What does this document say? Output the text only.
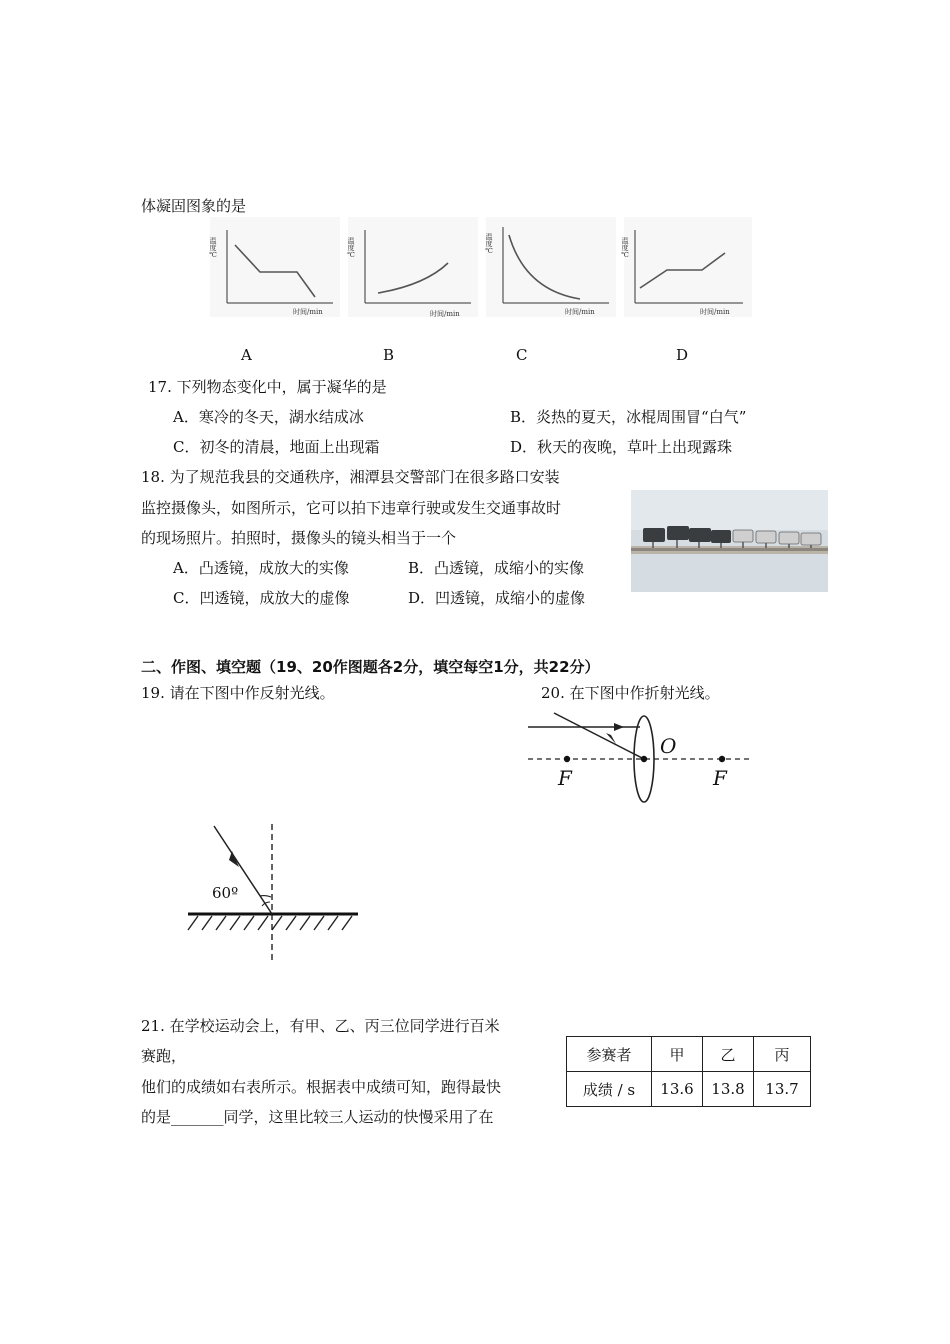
体凝固图象的是
温度℃
时间/min
温度℃
时间/min
温度℃
时间/min
温度℃
时间/min
A	B	C	D
17. 下列物态变化中，属于凝华的是
A．寒冷的冬天，湖水结成冰	B．炎热的夏天，冰棍周围冒“白气”
C．初冬的清晨，地面上出现霜	D．秋天的夜晚，草叶上出现露珠
18. 为了规范我县的交通秩序，湘潭县交警部门在很多路口安装
监控摄像头，如图所示，它可以拍下违章行驶或发生交通事故时
的现场照片。拍照时，摄像头的镜头相当于一个
A．凸透镜，成放大的实像	B．凸透镜，成缩小的实像
C．凹透镜，成放大的虚像	D．凹透镜，成缩小的虚像
二、作图、填空题（19、20作图题各2分，填空每空1分，共22分）
19. 请在下图中作反射光线。	20. 在下图中作折射光线。
F
O
F
60º
21. 在学校运动会上，有甲、乙、丙三位同学进行百米
赛跑，
他们的成绩如右表所示。根据表中成绩可知，跑得最快
的是_______同学，这里比较三人运动的快慢采用了在
参赛者	甲	乙	丙
成绩 / s	13.6	13.8	13.7
